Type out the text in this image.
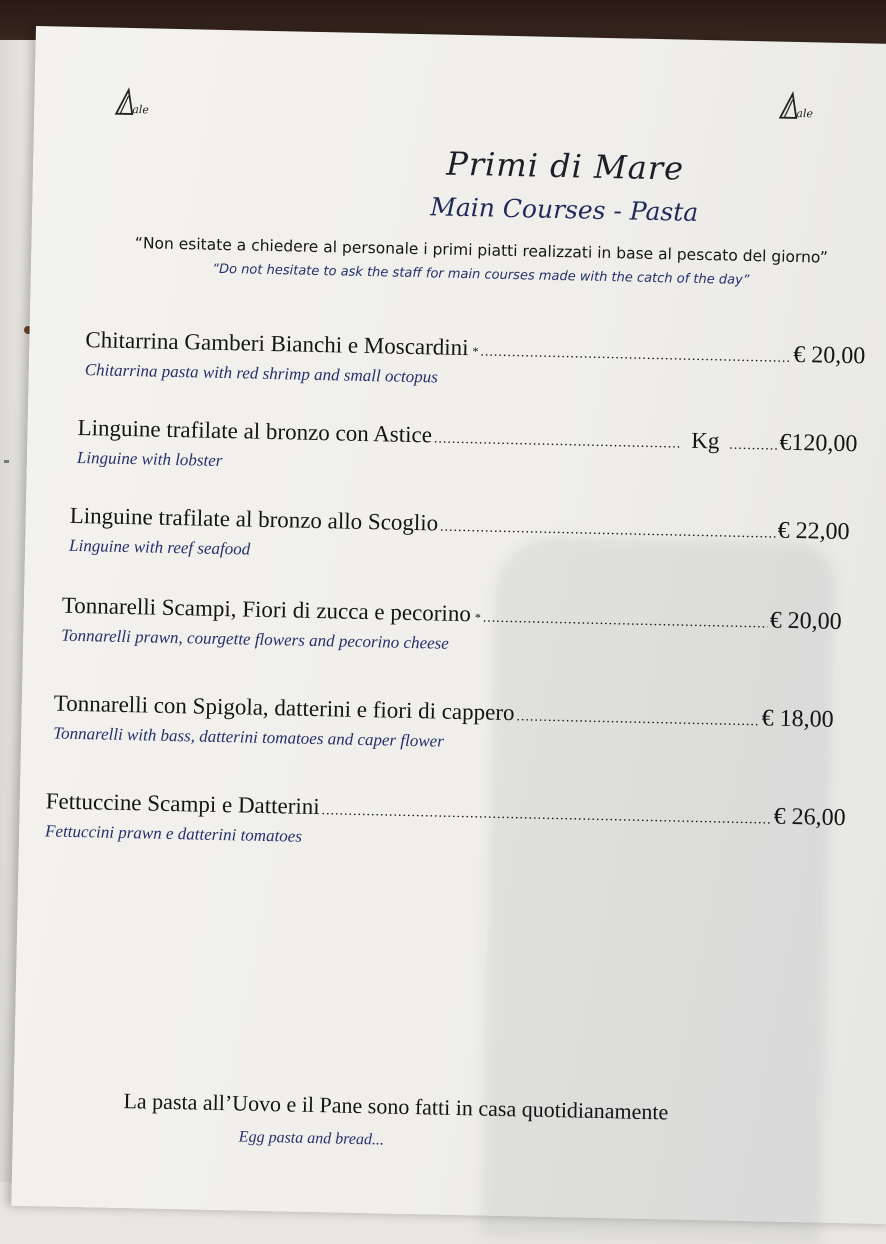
ale	ale
Primi di Mare
Main Courses - Pasta
“Non esitate a chiedere al personale i primi piatti realizzati in base al pescato del giorno”
“Do not hesitate to ask the staff for main courses made with the catch of the day”
Chitarrina Gamberi Bianchi e Moscardini * .....	€ 20,00
Chitarrina pasta with red shrimp and small octopus
Linguine trafilate al bronzo con Astice .....	Kg ..... €120,00
Linguine with lobster
Linguine trafilate al bronzo allo Scoglio .....	€ 22,00
Linguine with reef seafood
Tonnarelli Scampi, Fiori di zucca e pecorino * .....	€ 20,00
Tonnarelli prawn, courgette flowers and pecorino cheese
Tonnarelli con Spigola, datterini e fiori di cappero .....	€ 18,00
Tonnarelli with bass, datterini tomatoes and caper flower
Fettuccine Scampi e Datterini .....	€ 26,00
Fettuccini prawn e datterini tomatoes
La pasta all’Uovo e il Pane sono fatti in casa quotidianamente
Egg pasta and bread...
